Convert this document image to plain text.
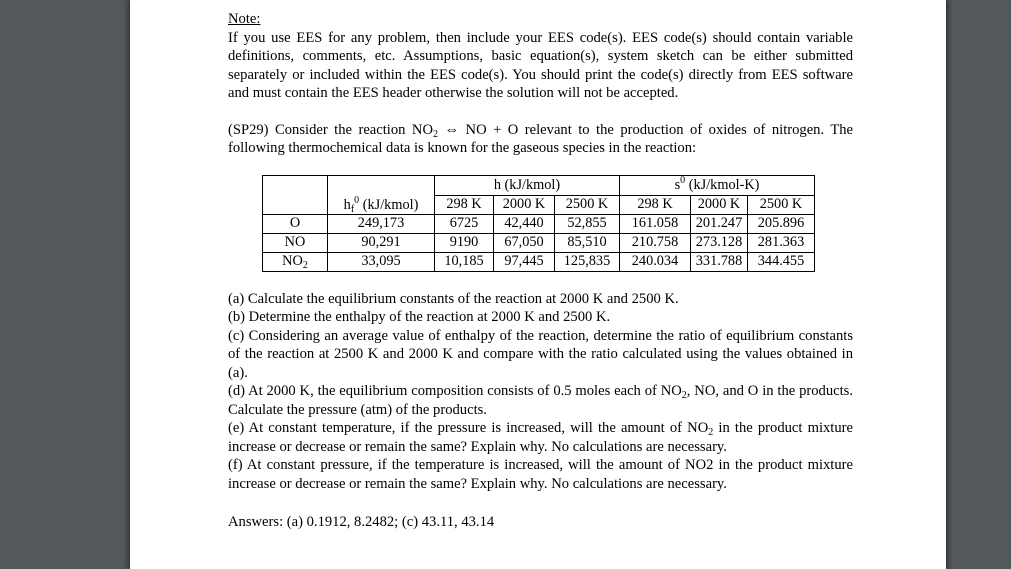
Note:

If you use EES for any problem, then include your EES code(s). EES code(s) should contain variable definitions, comments, etc. Assumptions, basic equation(s), system sketch can be either submitted separately or included within the EES code(s). You should print the code(s) directly from EES software and must contain the EES header otherwise the solution will not be accepted.

(SP29) Consider the reaction $NO_2$ ⇔ NO + O relevant to the production of oxides of nitrogen. The following thermochemical data is known for the gaseous species in the reaction:

	$h_f^0$ (kJ/kmol)	h (kJ/kmol)			$s^0$ (kJ/kmol-K)		
		298 K	2000 K	2500 K	298 K	2000 K	2500 K
O	249,173	6725	42,440	52,855	161.058	201.247	205.896
NO	90,291	9190	67,050	85,510	210.758	273.128	281.363
$NO_2$	33,095	10,185	97,445	125,835	240.034	331.788	344.455

(a) Calculate the equilibrium constants of the reaction at 2000 K and 2500 K.

(b) Determine the enthalpy of the reaction at 2000 K and 2500 K.

(c) Considering an average value of enthalpy of the reaction, determine the ratio of equilibrium constants of the reaction at 2500 K and 2000 K and compare with the ratio calculated using the values obtained in (a).

(d) At 2000 K, the equilibrium composition consists of 0.5 moles each of $NO_2$, NO, and O in the products. Calculate the pressure (atm) of the products.

(e) At constant temperature, if the pressure is increased, will the amount of $NO_2$ in the product mixture increase or decrease or remain the same? Explain why. No calculations are necessary.

(f) At constant pressure, if the temperature is increased, will the amount of NO2 in the product mixture increase or decrease or remain the same? Explain why. No calculations are necessary.

Answers: (a) 0.1912, 8.2482; (c) 43.11, 43.14
